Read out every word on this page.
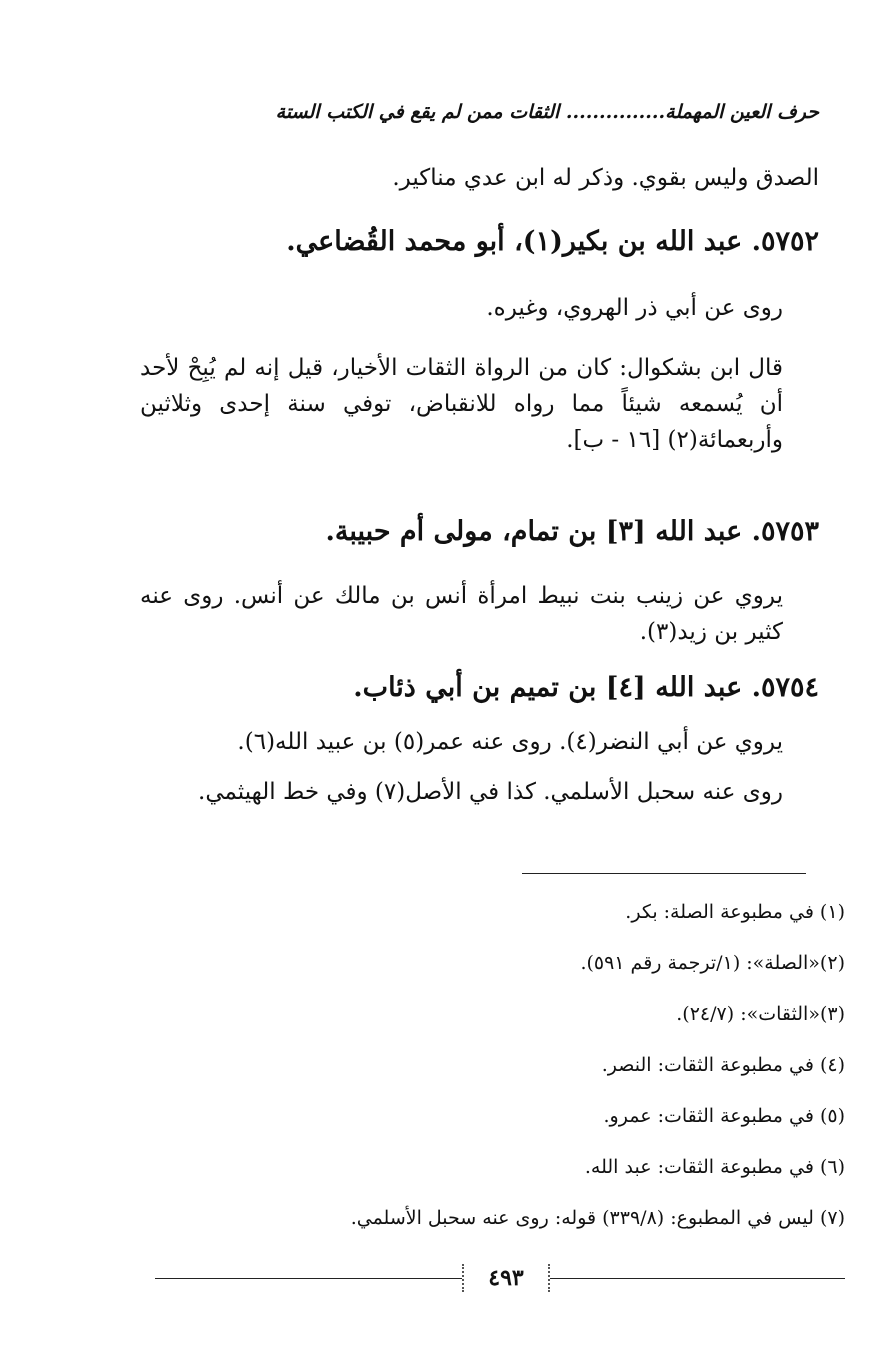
حرف العين المهملة............... الثقات ممن لم يقع في الكتب الستة
الصدق وليس بقوي. وذكر له ابن عدي مناكير.
٥٧٥٢. عبد الله بن بكير(١)، أبو محمد القُضاعي.
روى عن أبي ذر الهروي، وغيره.
قال ابن بشكوال: كان من الرواة الثقات الأخيار، قيل إنه لم يُبِحْ لأحد أن يُسمعه شيئاً مما رواه للانقباض، توفي سنة إحدى وثلاثين وأربعمائة(٢) [١٦ - ب].
٥٧٥٣. عبد الله [٣] بن تمام، مولى أم حبيبة.
يروي عن زينب بنت نبيط امرأة أنس بن مالك عن أنس. روى عنه كثير بن زيد(٣).
٥٧٥٤. عبد الله [٤] بن تميم بن أبي ذئاب.
يروي عن أبي النضر(٤). روى عنه عمر(٥) بن عبيد الله(٦).
روى عنه سحبل الأسلمي. كذا في الأصل(٧) وفي خط الهيثمي.
(١) في مطبوعة الصلة: بكر.
(٢)«الصلة»: (١/ترجمة رقم ٥٩١).
(٣)«الثقات»: (٢٤/٧).
(٤) في مطبوعة الثقات: النصر.
(٥) في مطبوعة الثقات: عمرو.
(٦) في مطبوعة الثقات: عبد الله.
(٧) ليس في المطبوع: (٣٣٩/٨) قوله: روى عنه سحبل الأسلمي.
٤٩٣
